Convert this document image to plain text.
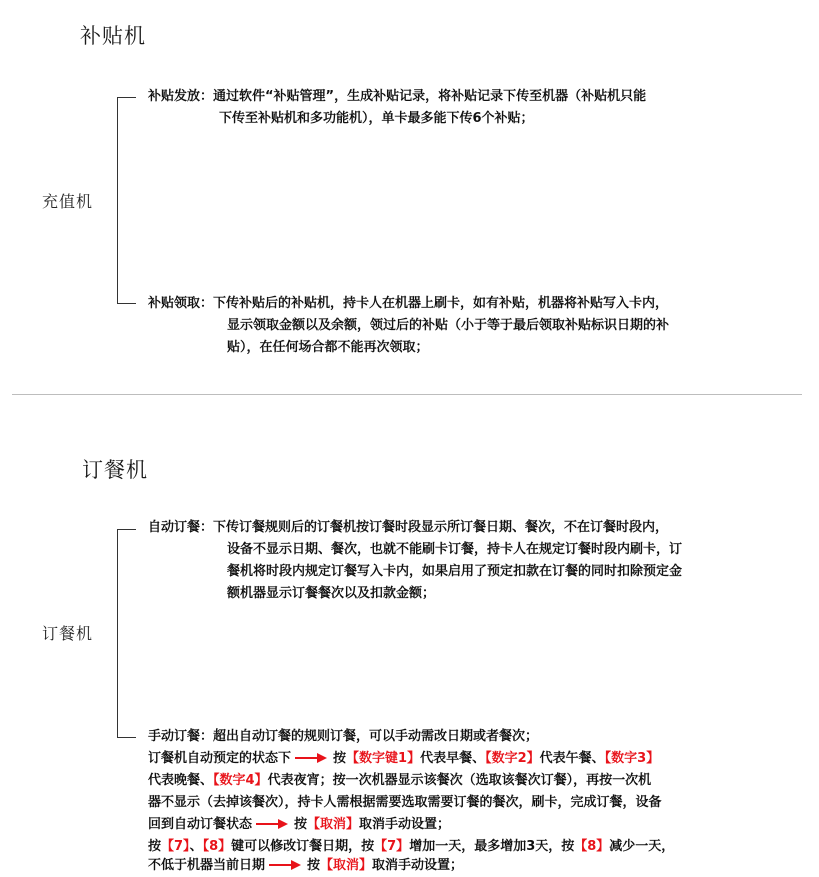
补贴机
充值机
补贴发放：通过软件“补贴管理”，生成补贴记录，将补贴记录下传至机器（补贴机只能
下传至补贴机和多功能机），单卡最多能下传6个补贴；
补贴领取：下传补贴后的补贴机，持卡人在机器上刷卡，如有补贴，机器将补贴写入卡内，
显示领取金额以及余额，领过后的补贴（小于等于最后领取补贴标识日期的补
贴），在任何场合都不能再次领取；
订餐机
订餐机
自动订餐：下传订餐规则后的订餐机按订餐时段显示所订餐日期、餐次，不在订餐时段内，
设备不显示日期、餐次，也就不能刷卡订餐，持卡人在规定订餐时段内刷卡，订
餐机将时段内规定订餐写入卡内，如果启用了预定扣款在订餐的同时扣除预定金
额机器显示订餐餐次以及扣款金额；
手动订餐：超出自动订餐的规则订餐，可以手动需改日期或者餐次；
订餐机自动预定的状态下	按【数字键1】代表早餐、【数字2】代表午餐、【数字3】
代表晚餐、【数字4】代表夜宵；按一次机器显示该餐次（选取该餐次订餐），再按一次机
器不显示（去掉该餐次），持卡人需根据需要选取需要订餐的餐次，刷卡，完成订餐，设备
回到自动订餐状态	按【取消】取消手动设置；
按【7】、【8】键可以修改订餐日期，按【7】增加一天，最多增加3天，按【8】减少一天，
不低于机器当前日期	按【取消】取消手动设置；
